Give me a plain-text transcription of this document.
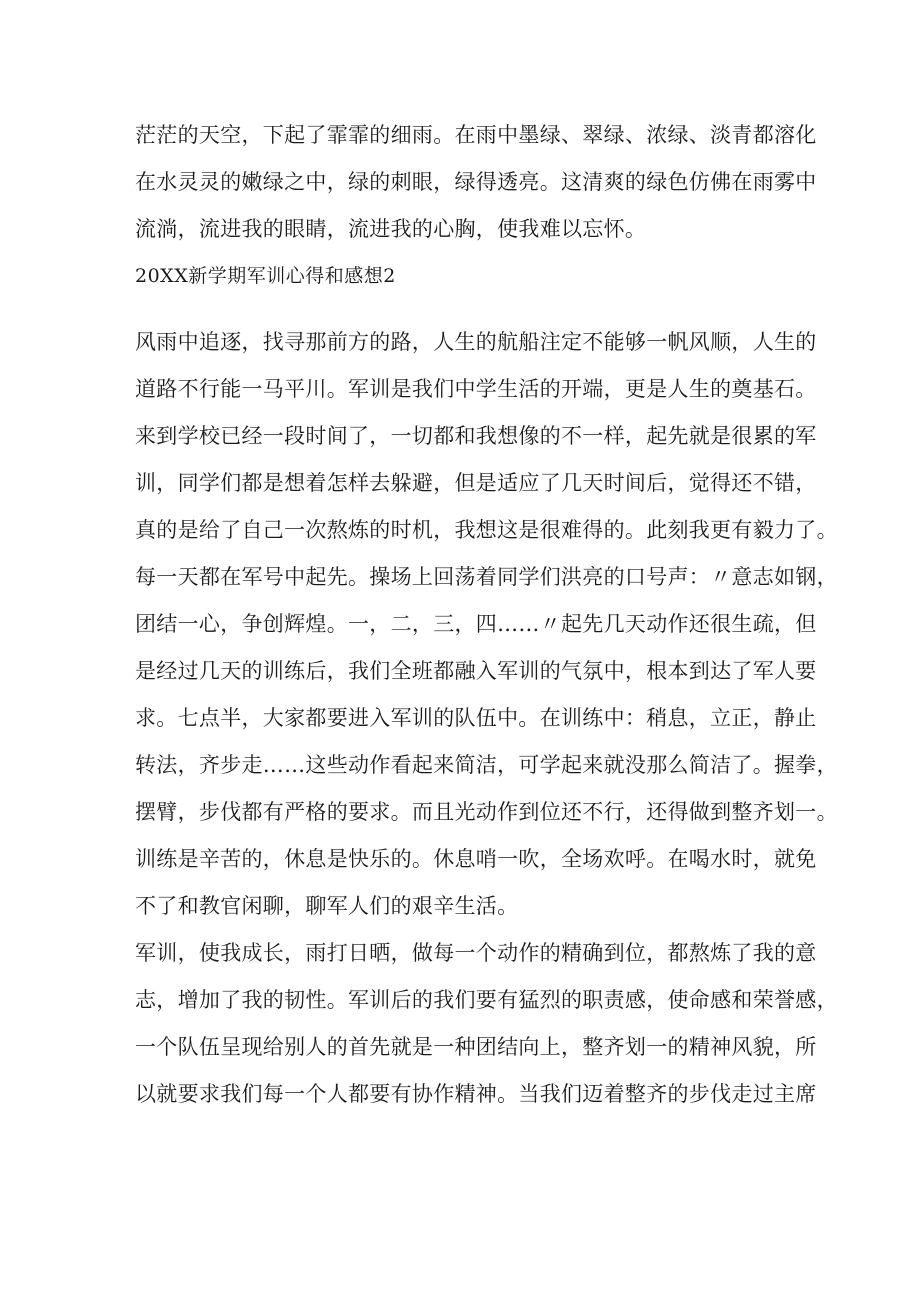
茫茫的天空，下起了霏霏的细雨。在雨中墨绿、翠绿、浓绿、淡青都溶化
在水灵灵的嫩绿之中，绿的刺眼，绿得透亮。这清爽的绿色仿佛在雨雾中
流淌，流进我的眼睛，流进我的心胸，使我难以忘怀。
20XX新学期军训心得和感想2
风雨中追逐，找寻那前方的路，人生的航船注定不能够一帆风顺，人生的
道路不行能一马平川。军训是我们中学生活的开端，更是人生的奠基石。
来到学校已经一段时间了，一切都和我想像的不一样，起先就是很累的军
训，同学们都是想着怎样去躲避，但是适应了几天时间后，觉得还不错，
真的是给了自己一次熬炼的时机，我想这是很难得的。此刻我更有毅力了。
每一天都在军号中起先。操场上回荡着同学们洪亮的口号声：〃意志如钢，
团结一心，争创辉煌。一，二，三，四……〃起先几天动作还很生疏，但
是经过几天的训练后，我们全班都融入军训的气氛中，根本到达了军人要
求。七点半，大家都要进入军训的队伍中。在训练中：稍息，立正，静止
转法，齐步走……这些动作看起来简洁，可学起来就没那么简洁了。握拳，
摆臂，步伐都有严格的要求。而且光动作到位还不行，还得做到整齐划一。
训练是辛苦的，休息是快乐的。休息哨一吹，全场欢呼。在喝水时，就免
不了和教官闲聊，聊军人们的艰辛生活。
军训，使我成长，雨打日晒，做每一个动作的精确到位，都熬炼了我的意
志，增加了我的韧性。军训后的我们要有猛烈的职责感，使命感和荣誉感，
一个队伍呈现给别人的首先就是一种团结向上，整齐划一的精神风貌，所
以就要求我们每一个人都要有协作精神。当我们迈着整齐的步伐走过主席
